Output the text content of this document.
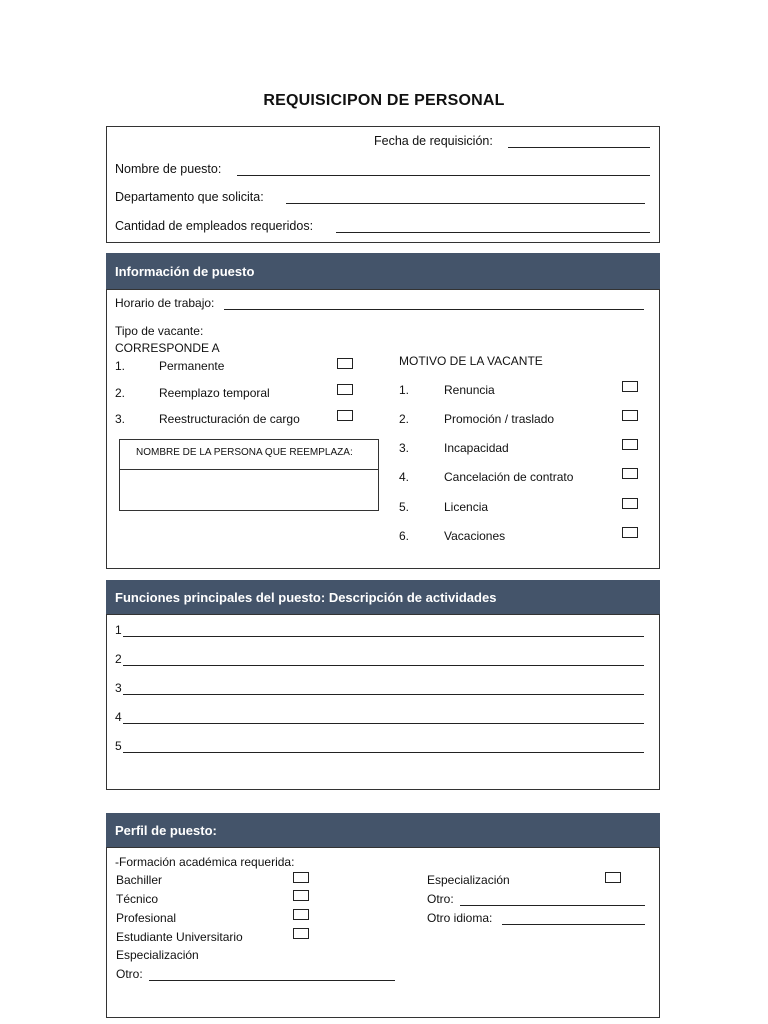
REQUISICIPON DE PERSONAL
Fecha de requisición:
Nombre de puesto:
Departamento que solicita:
Cantidad de empleados requeridos:
Información de puesto
Horario de trabajo:
Tipo de vacante:
CORRESPONDE A
1.	Permanente
2.	Reemplazo temporal
3.	Reestructuración de cargo
NOMBRE DE LA PERSONA QUE REEMPLAZA:
MOTIVO DE LA VACANTE
1.	Renuncia
2.	Promoción / traslado
3.	Incapacidad
4.	Cancelación de contrato
5.	Licencia
6.	Vacaciones
Funciones principales del puesto: Descripción de actividades
1
2
3
4
5
Perfil de puesto:
-Formación académica requerida:
Bachiller
Técnico
Profesional
Estudiante Universitario
Especialización
Otro:
Especialización
Otro:
Otro idioma:
